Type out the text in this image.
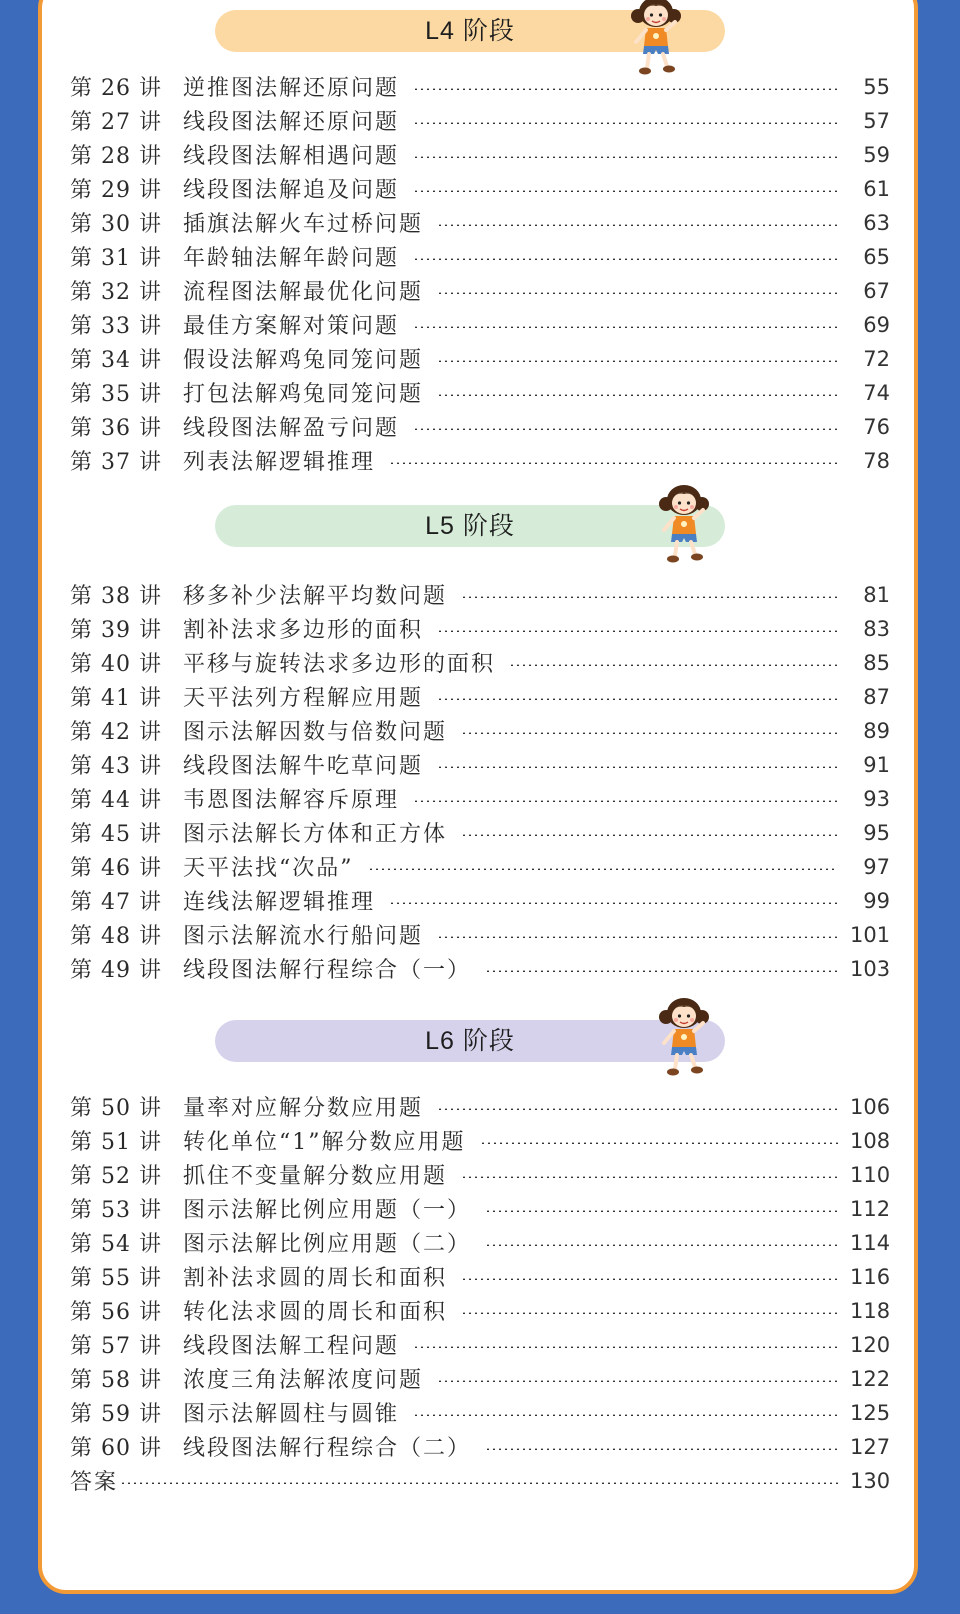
L4 阶段
第 26 讲 逆推图法解还原问题	55
第 27 讲 线段图法解还原问题	57
第 28 讲 线段图法解相遇问题	59
第 29 讲 线段图法解追及问题	61
第 30 讲 插旗法解火车过桥问题	63
第 31 讲 年龄轴法解年龄问题	65
第 32 讲 流程图法解最优化问题	67
第 33 讲 最佳方案解对策问题	69
第 34 讲 假设法解鸡兔同笼问题	72
第 35 讲 打包法解鸡兔同笼问题	74
第 36 讲 线段图法解盈亏问题	76
第 37 讲 列表法解逻辑推理	78
L5 阶段
第 38 讲 移多补少法解平均数问题	81
第 39 讲 割补法求多边形的面积	83
第 40 讲 平移与旋转法求多边形的面积	85
第 41 讲 天平法列方程解应用题	87
第 42 讲 图示法解因数与倍数问题	89
第 43 讲 线段图法解牛吃草问题	91
第 44 讲 韦恩图法解容斥原理	93
第 45 讲 图示法解长方体和正方体	95
第 46 讲 天平法找“次品”	97
第 47 讲 连线法解逻辑推理	99
第 48 讲 图示法解流水行船问题	101
第 49 讲 线段图法解行程综合（一）	103
L6 阶段
第 50 讲 量率对应解分数应用题	106
第 51 讲 转化单位“1”解分数应用题	108
第 52 讲 抓住不变量解分数应用题	110
第 53 讲 图示法解比例应用题（一）	112
第 54 讲 图示法解比例应用题（二）	114
第 55 讲 割补法求圆的周长和面积	116
第 56 讲 转化法求圆的周长和面积	118
第 57 讲 线段图法解工程问题	120
第 58 讲 浓度三角法解浓度问题	122
第 59 讲 图示法解圆柱与圆锥	125
第 60 讲 线段图法解行程综合（二）	127
答案	130
